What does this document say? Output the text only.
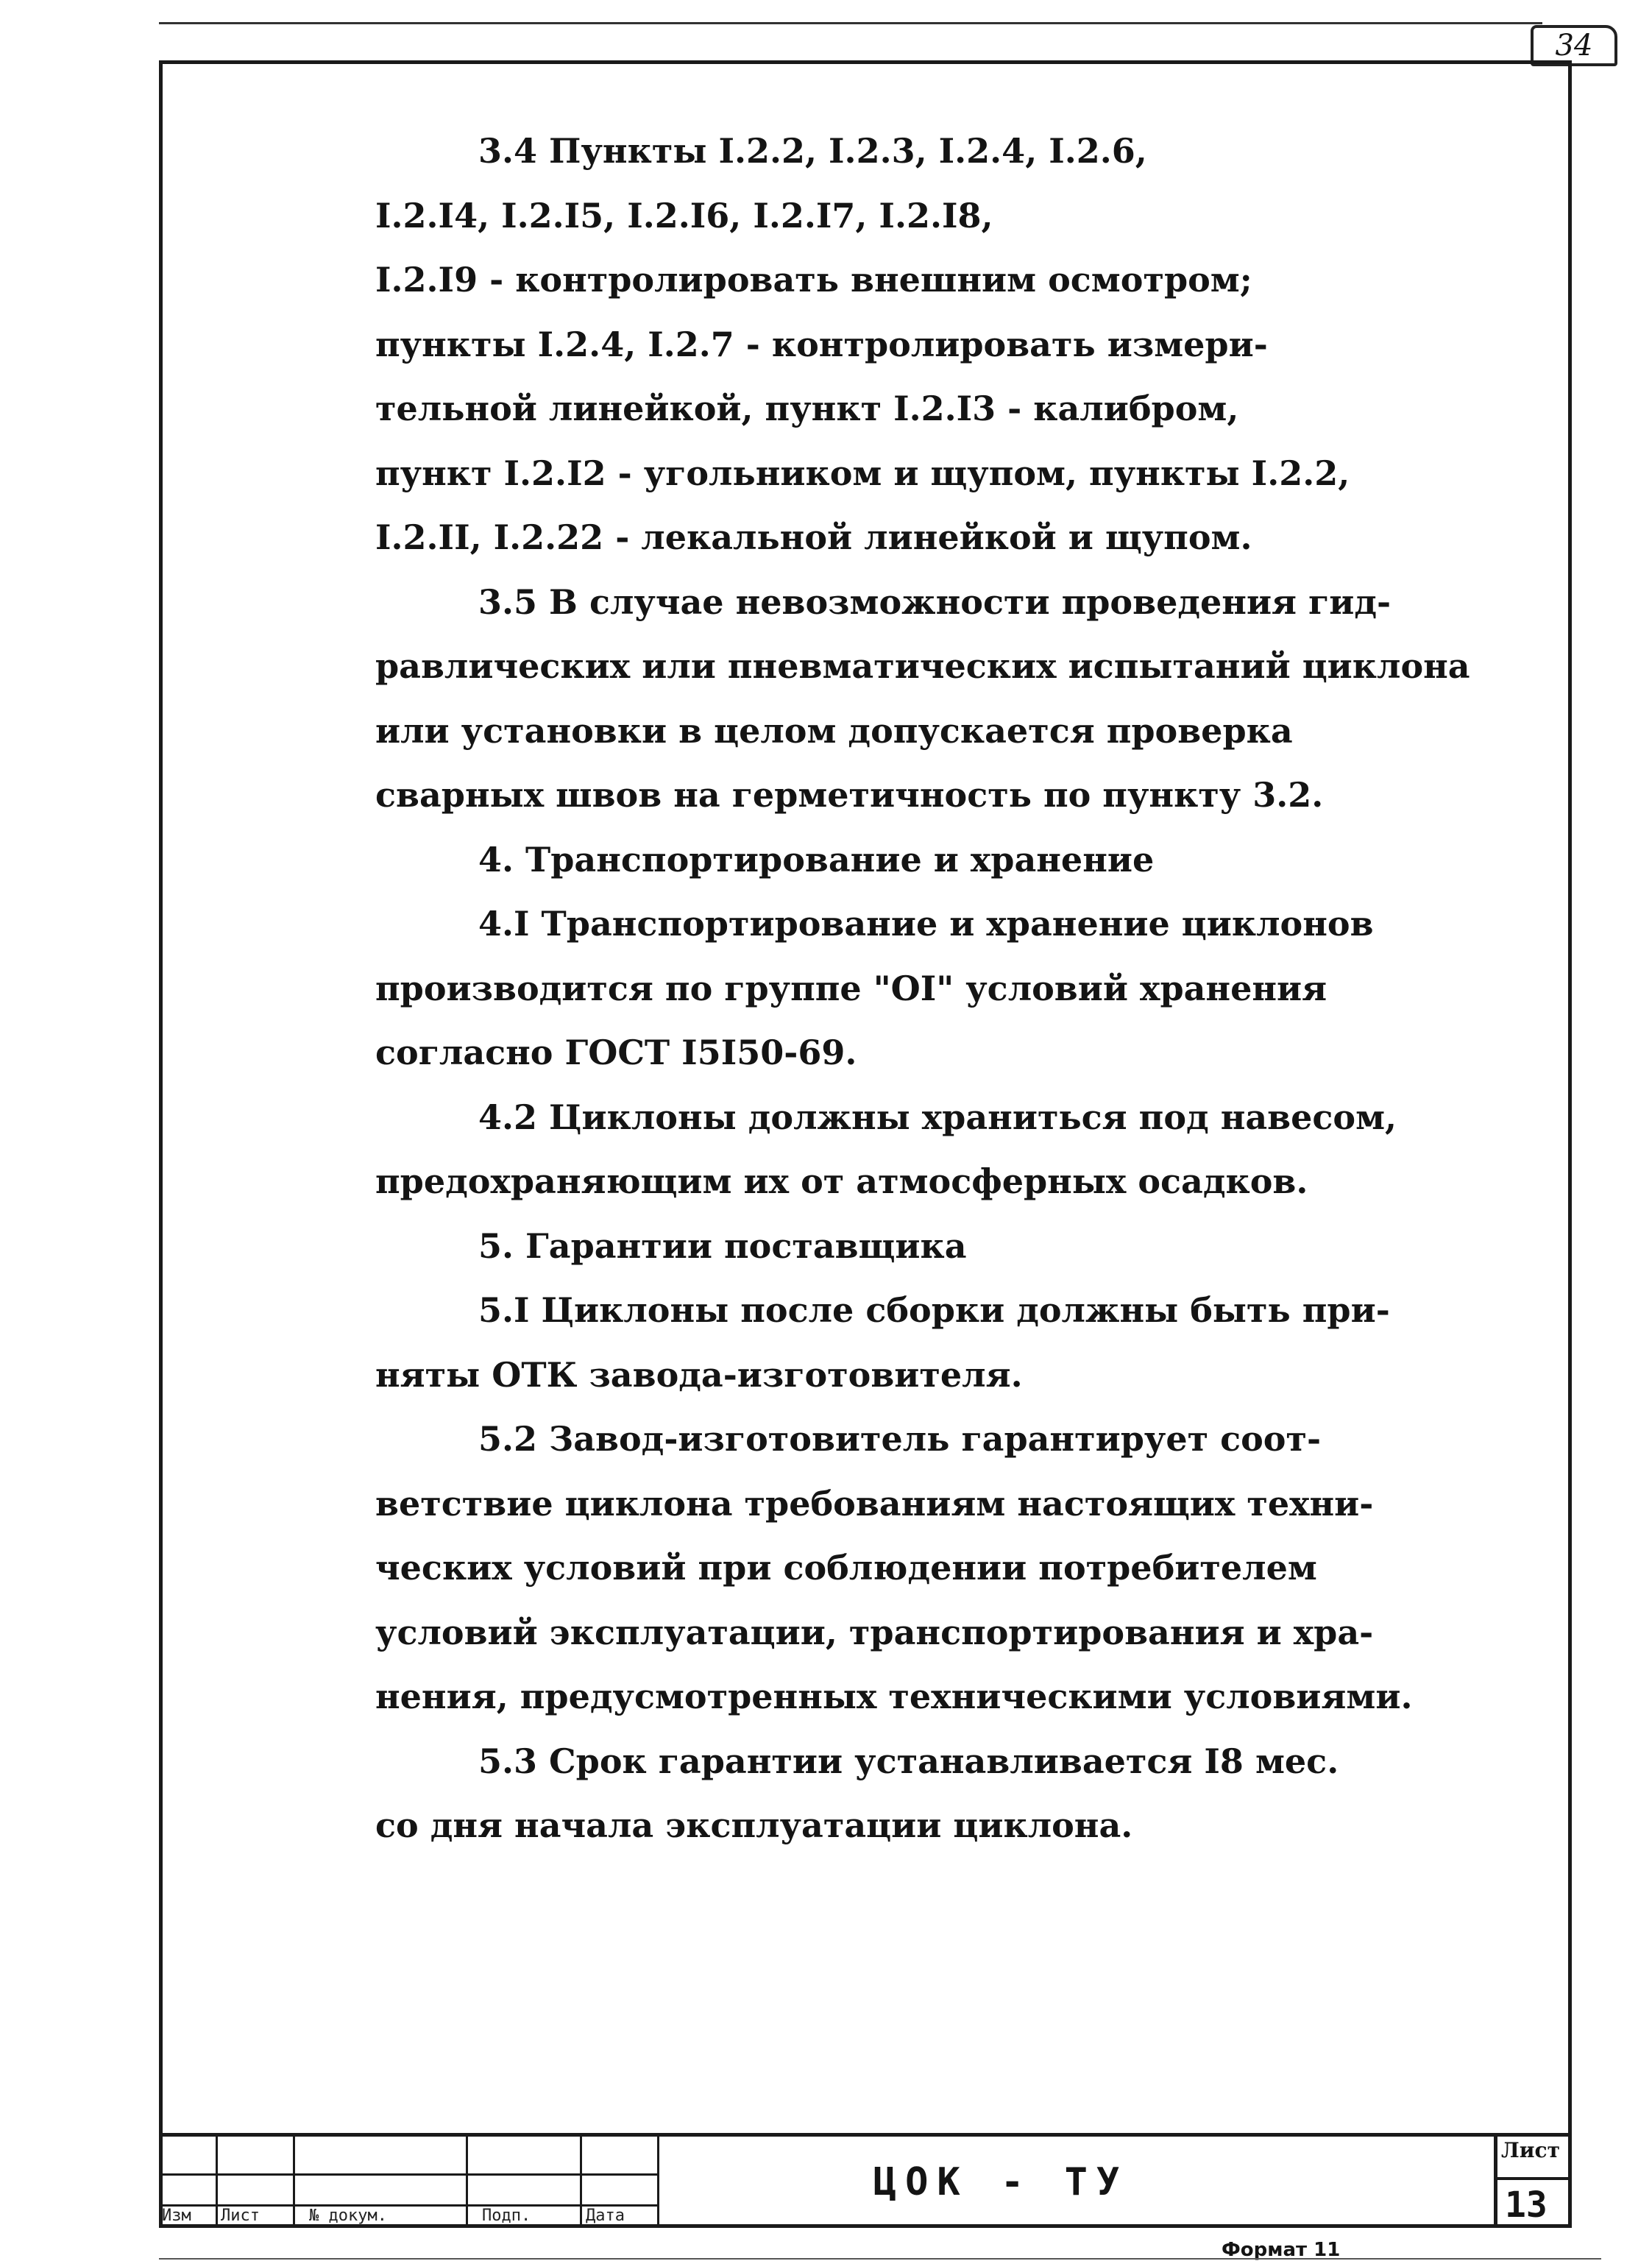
34
3.4 Пункты I.2.2, I.2.3, I.2.4, I.2.6,
I.2.I4, I.2.I5, I.2.I6, I.2.I7, I.2.I8,
I.2.I9 - контролировать внешним осмотром;
пункты I.2.4, I.2.7 - контролировать измери-
тельной линейкой, пункт I.2.I3 - калибром,
пункт I.2.I2 - угольником и щупом, пункты I.2.2,
I.2.II, I.2.22 - лекальной линейкой и щупом.
3.5 В случае невозможности проведения гид-
равлических или пневматических испытаний циклона
или установки в целом допускается проверка
сварных швов на герметичность по пункту 3.2.
4. Транспортирование и хранение
4.I Транспортирование и хранение циклонов
производится по группе "OI" условий хранения
согласно ГОСТ I5I50-69.
4.2 Циклоны должны храниться под навесом,
предохраняющим их от атмосферных осадков.
5. Гарантии поставщика
5.I Циклоны после сборки должны быть при-
няты ОТК завода-изготовителя.
5.2 Завод-изготовитель гарантирует соот-
ветствие циклона требованиям настоящих техни-
ческих условий при соблюдении потребителем
условий эксплуатации, транспортирования и хра-
нения, предусмотренных техническими условиями.
5.3 Срок гарантии устанавливается I8 мес.
со дня начала эксплуатации циклона.
Изм Лист	№ докум.	Подп.	Дата
ЦОК - ТУ
Лист
13
Формат 11
